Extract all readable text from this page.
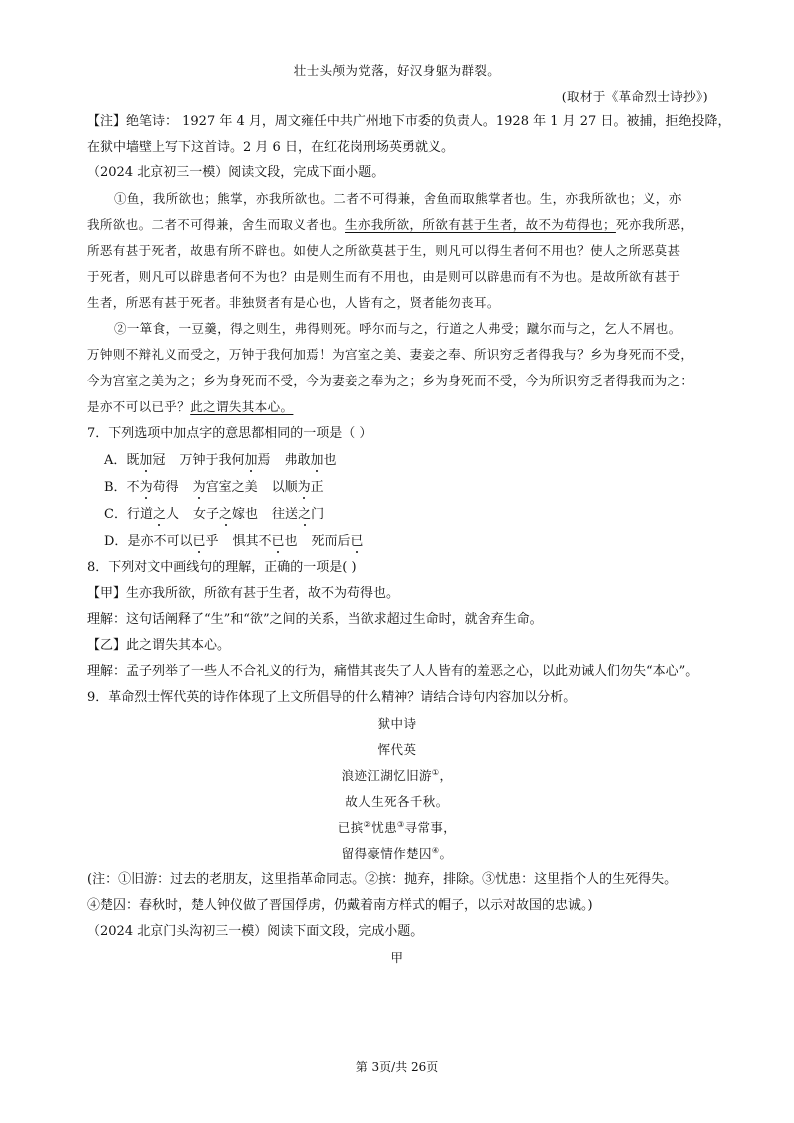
壮士头颅为党落，好汉身躯为群裂。
(取材于《革命烈士诗抄》)
【注】绝笔诗： 1927 年 4 月，周文雍任中共广州地下市委的负责人。1928 年 1 月 27 日。被捕，拒绝投降，
在狱中墙壁上写下这首诗。2 月 6 日，在红花岗刑场英勇就义。
（2024 北京初三一模）阅读文段，完成下面小题。
①鱼，我所欲也；熊掌，亦我所欲也。二者不可得兼，舍鱼而取熊掌者也。生，亦我所欲也；义，亦
我所欲也。二者不可得兼，舍生而取义者也。生亦我所欲，所欲有甚于生者，故不为苟得也；死亦我所恶，
所恶有甚于死者，故患有所不辟也。如使人之所欲莫甚于生，则凡可以得生者何不用也？使人之所恶莫甚
于死者，则凡可以辟患者何不为也？由是则生而有不用也，由是则可以辟患而有不为也。是故所欲有甚于
生者，所恶有甚于死者。非独贤者有是心也，人皆有之，贤者能勿丧耳。
②一箪食，一豆羹，得之则生，弗得则死。呼尔而与之，行道之人弗受；蹴尔而与之，乞人不屑也。
万钟则不辩礼义而受之，万钟于我何加焉！为宫室之美、妻妾之奉、所识穷乏者得我与？乡为身死而不受，
今为宫室之美为之；乡为身死而不受，今为妻妾之奉为之；乡为身死而不受，今为所识穷乏者得我而为之：
是亦不可以已乎？此之谓失其本心。
7．下列选项中加点字的意思都相同的一项是（ ）
A．既加冠 万钟于我何加焉 弗敢加也
B．不为苟得 为宫室之美 以顺为正
C．行道之人 女子之嫁也 往送之门
D．是亦不可以已乎 惧其不已也 死而后已
8．下列对文中画线句的理解，正确的一项是( )
【甲】生亦我所欲，所欲有甚于生者，故不为苟得也。
理解：这句话阐释了“生”和“欲”之间的关系，当欲求超过生命时，就舍弃生命。
【乙】此之谓失其本心。
理解：孟子列举了一些人不合礼义的行为，痛惜其丧失了人人皆有的羞恶之心，以此劝诫人们勿失“本心”。
9．革命烈士恽代英的诗作体现了上文所倡导的什么精神？请结合诗句内容加以分析。
狱中诗
恽代英
浪迹江湖忆旧游①，
故人生死各千秋。
已摈②忧患③寻常事，
留得豪情作楚囚④。
(注：①旧游：过去的老朋友，这里指革命同志。②摈：抛弃，排除。③忧患：这里指个人的生死得失。
④楚囚：春秋时，楚人钟仪做了晋国俘虏，仍戴着南方样式的帽子，以示对故国的忠诚。)
（2024 北京门头沟初三一模）阅读下面文段，完成小题。
甲
第 3页/共 26页
